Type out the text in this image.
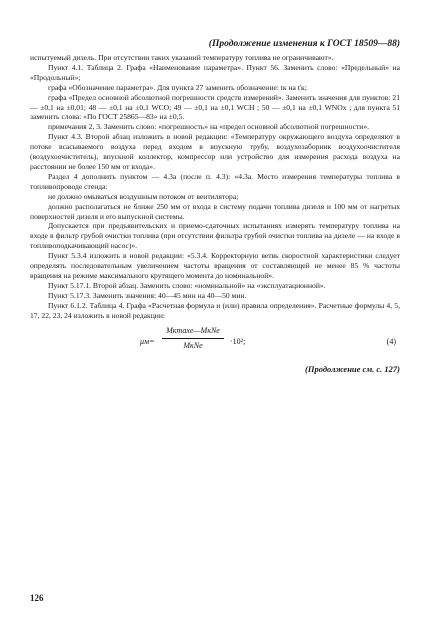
(Продолжение изменения к ГОСТ 18509—88)

испытуемый дизель. При отсутствии таких указаний температуру топлива не ограничивают».

Пункт 4.1. Таблица 2. Графа «Наименование параметра». Пункт 56. Заменить слово: «Предельный» на «Продольный»;

графа «Обозначение параметра». Для пункта 27 заменить обозначение: tк на ťк;

графа «Предел основной абсолютной погрешности средств измерений». Заменить значения для пунктов: 21 — ±0,1 на ±0,01; 48 — ±0,1 на ±0,1 WCO; 49 — ±0,1 на ±0,1 WCH ; 50 — ±0,1 на ±0,1 WNOx ; для пункта 51 заменить слова: «По ГОСТ 25865—83» на ±0,5.

примечания 2, 3. Заменить слово: «погрешность» на «предел основной абсолютной погрешности».

Пункт 4.3. Второй абзац изложить в новой редакции: «Температуру окружающего воздуха определяют в потоке всасываемого воздуха перед входом в впускную трубу, воздухозаборник воздухоочистителя (воздухоочиститель), впускной коллектор, компрессор или устройство для измерения расхода воздуха на расстоянии не более 150 мм от входа».

Раздел 4 дополнить пунктом — 4.3а (после п. 4.3): «4.3а. Место измерения температуры топлива в топливопроводе стенда:

не должно омываться воздушным потоком от вентилятора;

должно располагаться не ближе 250 мм от входа в систему подачи топлива дизеля и 100 мм от нагретых поверхностей дизеля и его выпускной системы.

Допускается при предъявительских и приемо-сдаточных испытаниях измерять температуру топлива на входе в фильтр грубой очистки топлива (при отсутствии фильтра грубой очистки топлива на дизеле — на входе в топливоподкачивающий насос)».

Пункт 5.3.4 изложить в новой редакции: «5.3.4. Корректорную ветвь скоростной характеристики следует определять последовательным увеличением частоты вращения от составляющей не менее 85 % частоты вращения на режиме максимального крутящего момента до номинальной».

Пункт 5.17.1. Второй абзац. Заменить слово: «номинальной» на «эксплуатационной».

Пункт 5.17.3. Заменить значения: 40—45 мин на 40—50 мин.

Пункт 6.1.2. Таблица 4. Графа «Расчетная формула и (или) правила определения». Расчетные формулы 4, 5, 17, 22, 23, 24 изложить в новой редакции:

μм=
Mкmaxe—MкNe
MкNe	·10²;	(4)
(Продолжение см. с. 127)
126
